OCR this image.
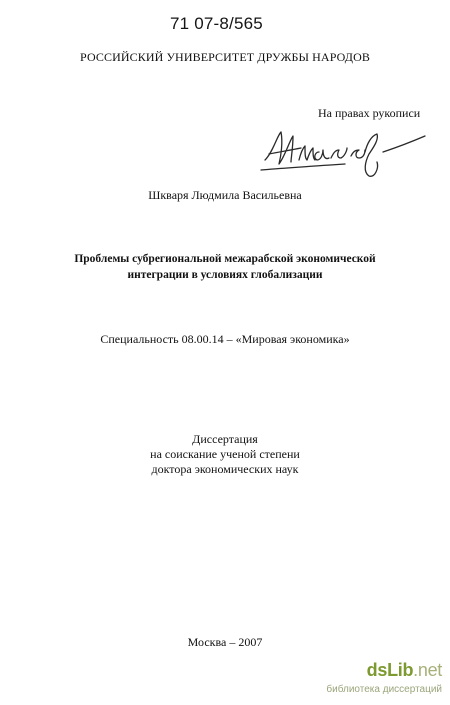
71 07-8/565
РОССИЙСКИЙ УНИВЕРСИТЕТ ДРУЖБЫ НАРОДОВ
На правах рукописи
Шкваря Людмила Васильевна
Проблемы субрегиональной межарабской экономической
интеграции в условиях глобализации
Специальность 08.00.14 – «Мировая экономика»
Диссертация
на соискание ученой степени
доктора экономических наук
Москва – 2007
dsLib.net
библиотека диссертаций
